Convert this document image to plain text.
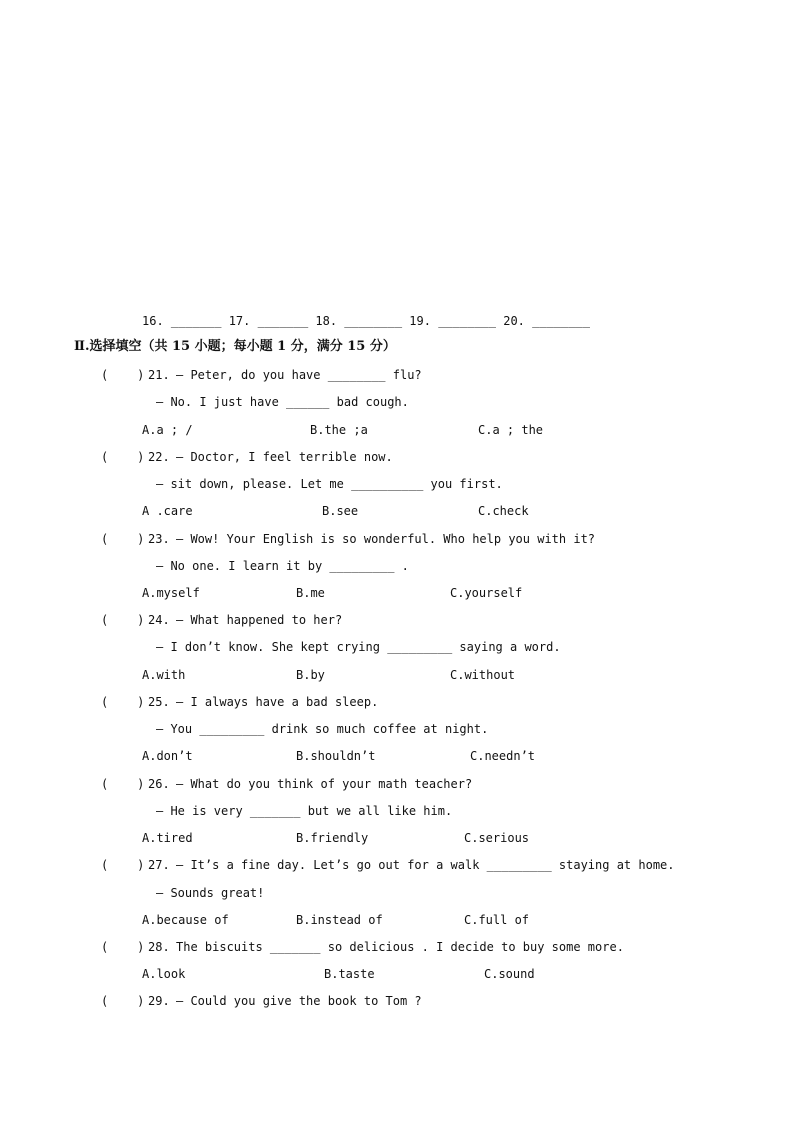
16. _______ 17. _______ 18. ________ 19. ________ 20. ________
Ⅱ.选择填空（共 15 小题；每小题 1 分，满分 15 分）
(    ) 21. — Peter, do you have ________ flu?
— No. I just have ______ bad cough.
A.a ; /	B.the ;a	C.a ; the
(    ) 22. — Doctor, I feel terrible now.
— sit down, please. Let me __________ you first.
A .care	B.see	C.check
(    ) 23. — Wow! Your English is so wonderful. Who help you with it?
— No one. I learn it by _________ .
A.myself	B.me	C.yourself
(    ) 24. — What happened to her?
— I don’t know. She kept crying _________ saying a word.
A.with	B.by	C.without
(    ) 25. — I always have a bad sleep.
— You _________ drink so much coffee at night.
A.don’t	B.shouldn’t	C.needn’t
(    ) 26. — What do you think of your math teacher?
— He is very _______ but we all like him.
A.tired	B.friendly	C.serious
(    ) 27. — It’s a fine day. Let’s go out for a walk _________ staying at home.
— Sounds great!
A.because of	B.instead of	C.full of
(    ) 28. The biscuits _______ so delicious . I decide to buy some more.
A.look	B.taste	C.sound
(    ) 29. — Could you give the book to Tom ?
